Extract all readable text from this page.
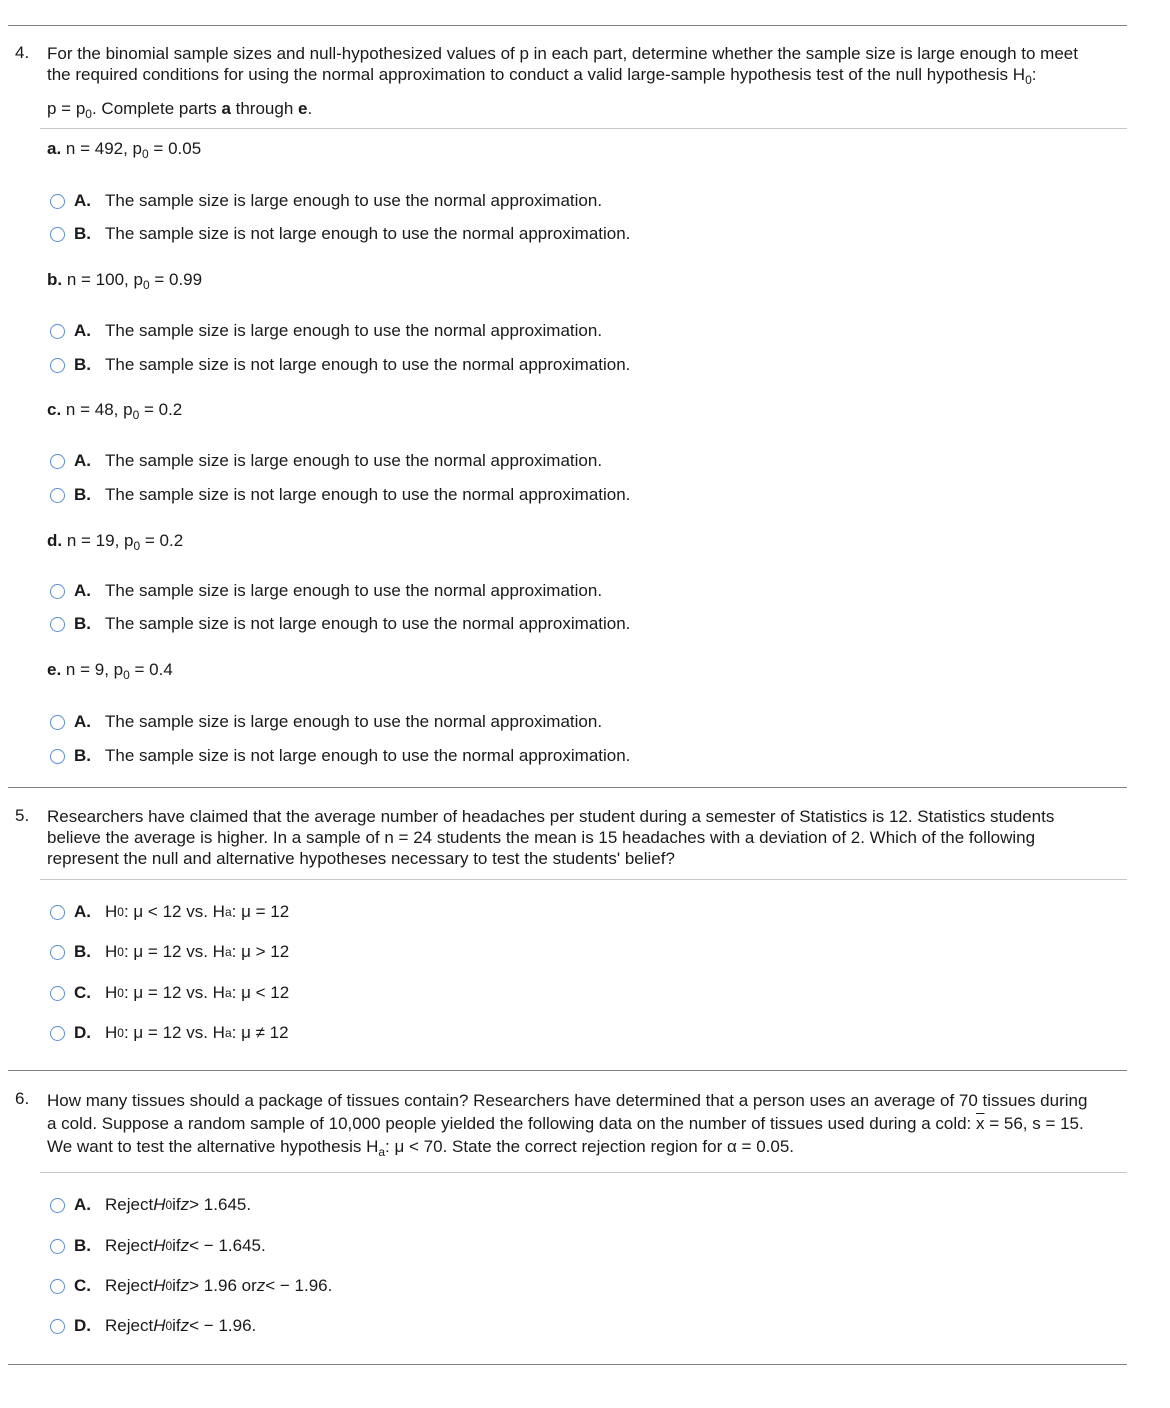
4. For the binomial sample sizes and null-hypothesized values of p in each part, determine whether the sample size is large enough to meet
the required conditions for using the normal approximation to conduct a valid large-sample hypothesis test of the null hypothesis $H_0$:
$p = p_0$. Complete parts a through e.
a. n = 492, $p_0 = 0.05$
A. The sample size is large enough to use the normal approximation.
B. The sample size is not large enough to use the normal approximation.
b. n = 100, $p_0 = 0.99$
A. The sample size is large enough to use the normal approximation.
B. The sample size is not large enough to use the normal approximation.
c. n = 48, $p_0 = 0.2$
A. The sample size is large enough to use the normal approximation.
B. The sample size is not large enough to use the normal approximation.
d. n = 19, $p_0 = 0.2$
A. The sample size is large enough to use the normal approximation.
B. The sample size is not large enough to use the normal approximation.
e. n = 9, $p_0 = 0.4$
A. The sample size is large enough to use the normal approximation.
B. The sample size is not large enough to use the normal approximation.
5. Researchers have claimed that the average number of headaches per student during a semester of Statistics is 12. Statistics students
believe the average is higher. In a sample of n = 24 students the mean is 15 headaches with a deviation of 2. Which of the following
represent the null and alternative hypotheses necessary to test the students' belief?
A. H 0 : μ < 12 vs. H a : μ = 12
B. H 0 : μ = 12 vs. H a : μ > 12
C. H 0 : μ = 12 vs. H a : μ < 12
D. H 0 : μ = 12 vs. H a : μ ≠ 12
6. How many tissues should a package of tissues contain? Researchers have determined that a person uses an average of 70 tissues during
a cold. Suppose a random sample of 10,000 people yielded the following data on the number of tissues used during a cold: $\overline{x} = 56$, s = 15.
We want to test the alternative hypothesis $H_a$: μ < 70. State the correct rejection region for α = 0.05.
A. Reject H 0 if z > 1.645.
B. Reject H 0 if z < − 1.645.
C. Reject H 0 if z > 1.96 or z < − 1.96.
D. Reject H 0 if z < − 1.96.
